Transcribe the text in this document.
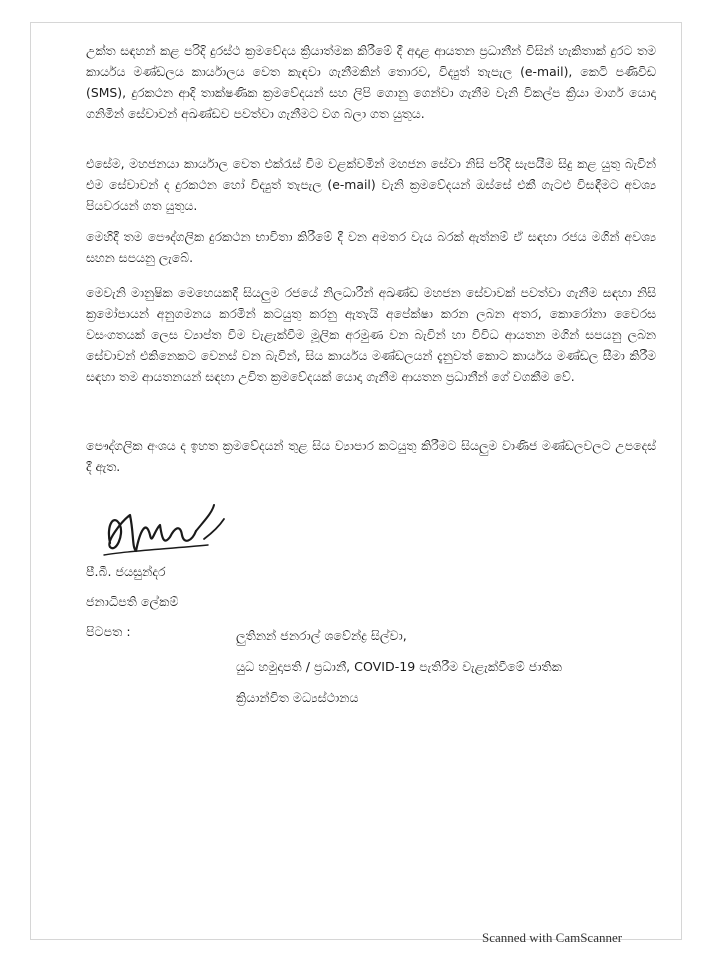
උක්ත සඳහන් කළ පරිදි දුරස්ථ ක්‍රමවේදය ක්‍රියාත්මක කිරීමේ දී අදාළ ආයතන ප්‍රධානීන් විසින් හැකිතාක් දුරට තම කාර්යය මණ්ඩලය කාර්යාලය වෙත කැඳවා ගැනීමකින් තොරව, විද්‍යුත් තැපැල (e-mail), කෙටි පණිවිඩ (SMS), දුරකථන ආදි තාක්ෂණික ක්‍රමවේදයන් සහ ලිපි ගොනු ගෙන්වා ගැනීම වැනි විකල්ප ක්‍රියා මාර්ග යොදා ගනිමින් සේවාවන් අඛණ්ඩව පවත්වා ගැනීමට වග බලා ගත යුතුය.

එසේම, මහජනයා කාර්යාල වෙත එක්රැස් වීම වළක්වමින් මහජන සේවා නිසි පරිදි සැපයීම සිදු කළ යුතු බැවින් එම සේවාවන් ද දුරකථන හෝ විද්‍යුත් තැපැල (e-mail) වැනි ක්‍රමවේදයන් ඔස්සේ එකී ගැටළු විසඳීමට අවශ්‍ය පියවරයන් ගත යුතුය.

මෙහිදී තම පෞද්ගලික දුරකථන භාවිතා කිරීමේ දී වන අමතර වැය බරක් ඇත්නම් ඒ සඳහා රජය මගින් අවශ්‍ය සහන සපයනු ලැබේ.

මෙවැනි මානුෂික මෙහෙයකදී සියලුම රජයේ නිලධාරීන් අඛණ්ඩ මහජන සේවාවක් පවත්වා ගැනීම සඳහා නිසි ක්‍රමෝපායන් අනුගමනය කරමින් කටයුතු කරනු ඇතැයි අපේක්ෂා කරන ලබන අතර, කොරෝනා වෛරස වසංගතයක් ලෙස ව්‍යාප්ත වීම වැළැක්වීම මූලික අරමුණ වන බැවින් හා විවිධ ආයතන මගින් සපයනු ලබන සේවාවන් එකිනෙකට වෙනස් වන බැවින්, සිය කාර්යය මණ්ඩලයන් දැනුවත් කොට කාර්යය මණ්ඩල සීමා කිරීම සඳහා තම ආයතනයන් සඳහා උචිත ක්‍රමවේදයක් යොදා ගැනීම ආයතන ප්‍රධානීන් ගේ වගකීම වේ.

පෞද්ගලික අංශය ද ඉහත ක්‍රමවේදයන් තුළ සිය ව්‍යාපාර කටයුතු කිරීමට සියලුම වාණිජ මණ්ඩලවලට උපදෙස් දී ඇත.

පී.බී. ජයසුන්දර

ජනාධිපති ලේකම්

පිටපත :	ලුතිනන් ජනරාල් ශවේන්ද්‍ර සිල්වා,
යුධ හමුදාපති / ප්‍රධානී, COVID-19 පැතිරීම වැළැක්වීමේ ජාතික
ක්‍රියාන්විත මධ්‍යස්ථානය

Scanned with CamScanner
